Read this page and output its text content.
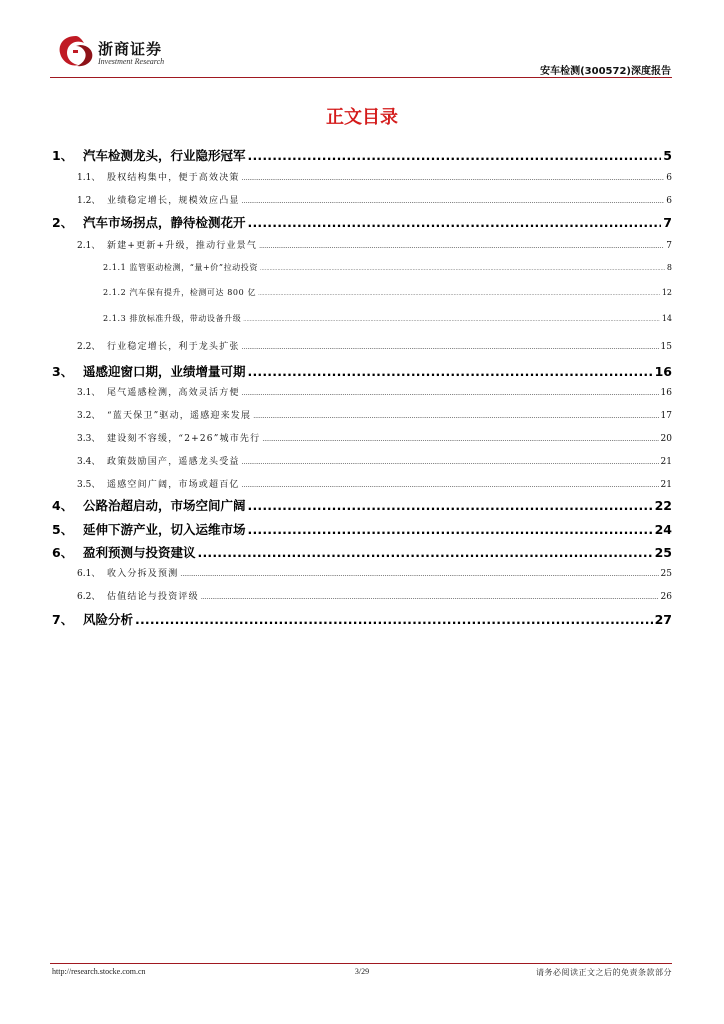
浙商证券
Investment Research
安车检测(300572)深度报告
正文目录
1、 汽车检测龙头，行业隐形冠军 .....	5
1.1、 股权结构集中，便于高效决策 .....	6
1.2、 业绩稳定增长，规模效应凸显 .....	6
2、 汽车市场拐点，静待检测花开 .....	7
2.1、 新建+更新+升级，推动行业景气 .....	7
2.1.1 监管驱动检测，“量+价”拉动投资 .....	8
2.1.2 汽车保有提升，检测可达 800 亿 .....	12
2.1.3 排放标准升级，带动设备升级 .....	14
2.2、 行业稳定增长，利于龙头扩张 .....	15
3、 遥感迎窗口期，业绩增量可期 .....	16
3.1、 尾气遥感检测，高效灵活方便 .....	16
3.2、 “蓝天保卫”驱动，遥感迎来发展 .....	17
3.3、 建设刻不容缓，“2+26”城市先行 .....	20
3.4、 政策鼓励国产，遥感龙头受益 .....	21
3.5、 遥感空间广阔，市场或超百亿 .....	21
4、 公路治超启动，市场空间广阔 .....	22
5、 延伸下游产业，切入运维市场 .....	24
6、 盈利预测与投资建议 .....	25
6.1、 收入分拆及预测 .....	25
6.2、 估值结论与投资评级 .....	26
7、 风险分析 .....	27
http://research.stocke.com.cn	3/29	请务必阅读正文之后的免责条款部分
